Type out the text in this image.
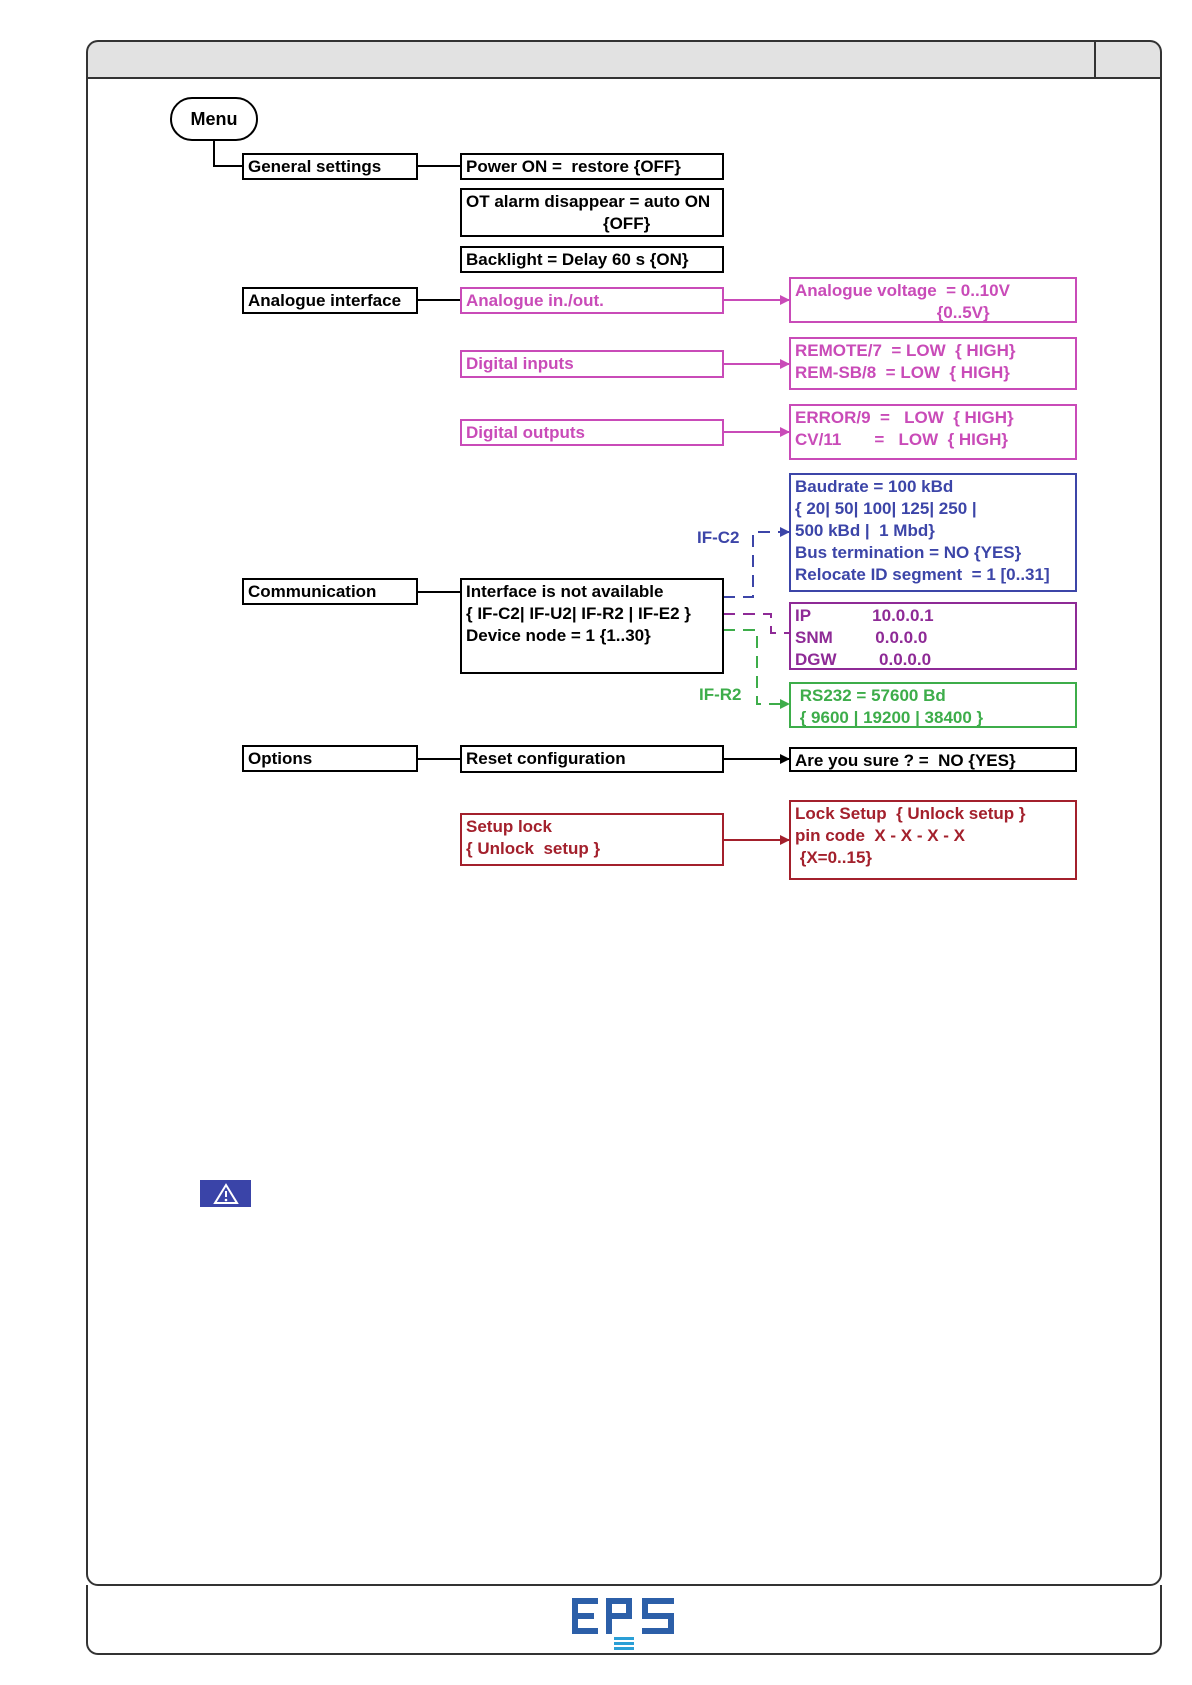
Menu
General settings
Analogue interface
Communication
Options
Power ON =  restore {OFF}
OT alarm disappear = auto ON
{OFF}
Backlight = Delay 60 s {ON}
Analogue in./out.
Analogue voltage  = 0..10V
{0..5V}
Digital inputs
REMOTE/7  = LOW  { HIGH}
REM-SB/8  = LOW  { HIGH}
Digital outputs
ERROR/9  =   LOW  { HIGH}
CV/11       =   LOW  { HIGH}
Interface is not available
{ IF-C2| IF-U2| IF-R2 | IF-E2 }
Device node = 1 {1..30}
Baudrate = 100 kBd
{ 20| 50| 100| 125| 250 |
500 kBd |  1 Mbd}
Bus termination = NO {YES}
Relocate ID segment  = 1 [0..31]
IP             10.0.0.1
SNM         0.0.0.0
DGW         0.0.0.0
RS232 = 57600 Bd
{ 9600 | 19200 | 38400 }
IF-C2
IF-R2
Reset configuration	Are you sure ? =  NO {YES}
Setup lock
{ Unlock  setup }
Lock Setup  { Unlock setup }
pin code  X - X - X - X
{X=0..15}
